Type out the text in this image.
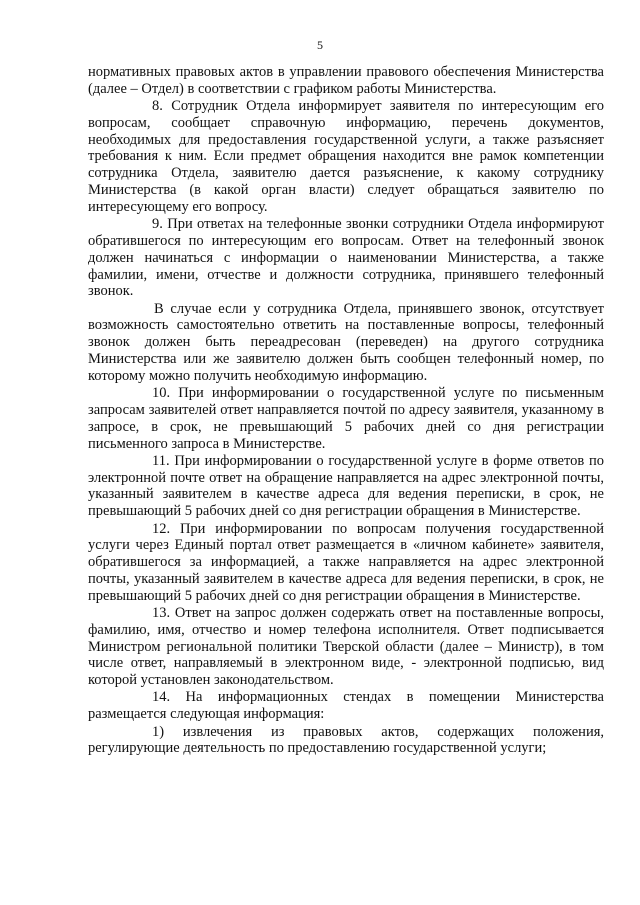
5

нормативных правовых актов в управлении правового обеспечения Министерства (далее – Отдел) в соответствии с графиком работы Министерства.

8. Сотрудник Отдела информирует заявителя по интересующим его вопросам, сообщает справочную информацию, перечень документов, необходимых для предоставления государственной услуги, а также разъясняет требования к ним. Если предмет обращения находится вне рамок компетенции сотрудника Отдела, заявителю дается разъяснение, к какому сотруднику Министерства (в какой орган власти) следует обращаться заявителю по интересующему его вопросу.

9. При ответах на телефонные звонки сотрудники Отдела информируют обратившегося по интересующим его вопросам. Ответ на телефонный звонок должен начинаться с информации о наименовании Министерства, а также фамилии, имени, отчестве и должности сотрудника, принявшего телефонный звонок.

В случае если у сотрудника Отдела, принявшего звонок, отсутствует возможность самостоятельно ответить на поставленные вопросы, телефонный звонок должен быть переадресован (переведен) на другого сотрудника Министерства или же заявителю должен быть сообщен телефонный номер, по которому можно получить необходимую информацию.

10. При информировании о государственной услуге по письменным запросам заявителей ответ направляется почтой по адресу заявителя, указанному в запросе, в срок, не превышающий 5 рабочих дней со дня регистрации письменного запроса в Министерстве.

11. При информировании о государственной услуге в форме ответов по электронной почте ответ на обращение направляется на адрес электронной почты, указанный заявителем в качестве адреса для ведения переписки, в срок, не превышающий 5 рабочих дней со дня регистрации обращения в Министерстве.

12. При информировании по вопросам получения государственной услуги через Единый портал ответ размещается в «личном кабинете» заявителя, обратившегося за информацией, а также направляется на адрес электронной почты, указанный заявителем в качестве адреса для ведения переписки, в срок, не превышающий 5 рабочих дней со дня регистрации обращения в Министерстве.

13. Ответ на запрос должен содержать ответ на поставленные вопросы, фамилию, имя, отчество и номер телефона исполнителя. Ответ подписывается Министром региональной политики Тверской области (далее – Министр), в том числе ответ, направляемый в электронном виде, - электронной подписью, вид которой установлен законодательством.

14. На информационных стендах в помещении Министерства размещается следующая информация:

1) извлечения из правовых актов, содержащих положения, регулирующие деятельность по предоставлению государственной услуги;
